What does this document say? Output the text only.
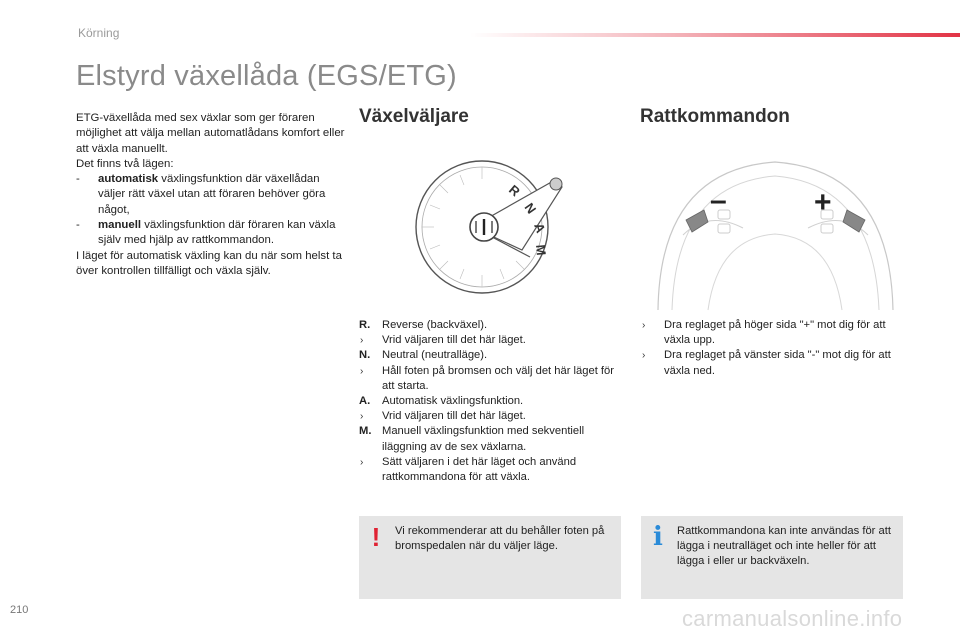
Körning
Elstyrd växellåda (EGS/ETG)

ETG-växellåda med sex växlar som ger föraren möjlighet att välja mellan automatlådans komfort eller att växla manuellt.

Det finns två lägen:

- automatisk växlingsfunktion där växellådan väljer rätt växel utan att föraren behöver göra något,

- manuell växlingsfunktion där föraren kan växla själv med hjälp av rattkommandon.

I läget för automatisk växling kan du när som helst ta över kontrollen tillfälligt och växla själv.

Växelväljare	Rattkommandon
R
N
A
M
–	+
R. Reverse (backväxel).
› Vrid väljaren till det här läget.
N. Neutral (neutralläge).
› Håll foten på bromsen och välj det här läget för att starta.
A. Automatisk växlingsfunktion.
› Vrid väljaren till det här läget.
M. Manuell växlingsfunktion med sekventiell iläggning av de sex växlarna.
› Sätt väljaren i det här läget och använd rattkommandona för att växla.
› Dra reglaget på höger sida "+" mot dig för att växla upp.
› Dra reglaget på vänster sida "-" mot dig för att växla ned.
!	Vi rekommenderar att du behåller foten på bromspedalen när du väljer läge.	i	Rattkommandona kan inte användas för att lägga i neutralläget och inte heller för att lägga i eller ur backväxeln.
210	carmanualsonline.info
